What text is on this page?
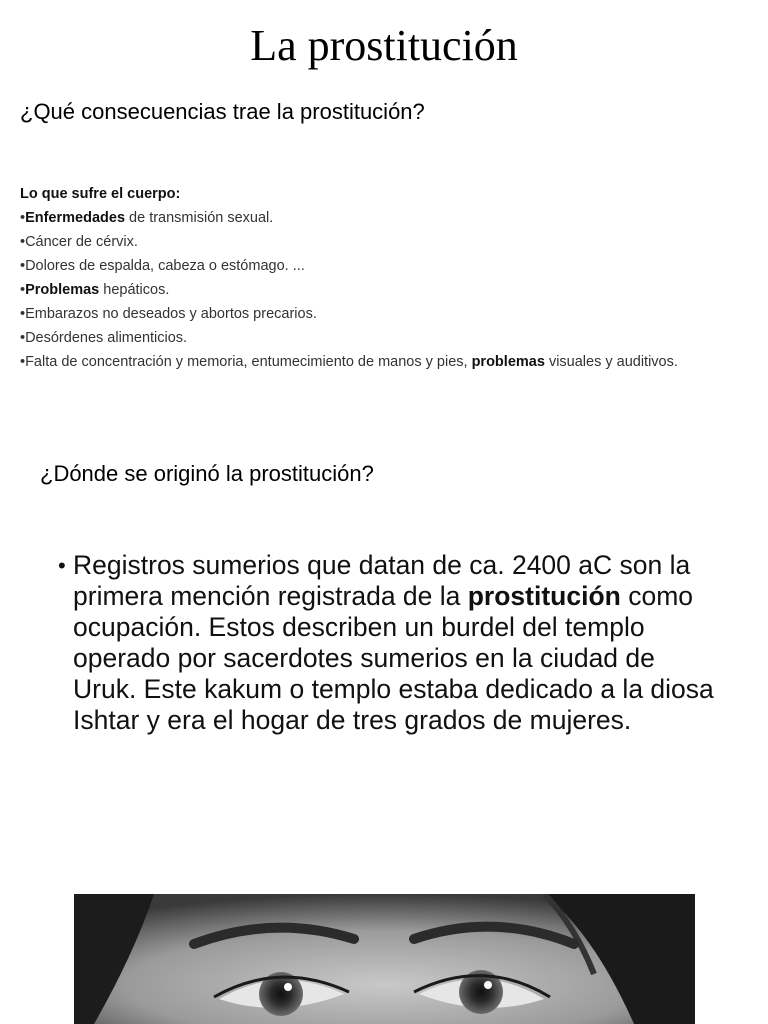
La prostitución
¿Qué consecuencias trae la prostitución?
Lo que sufre el cuerpo:
•Enfermedades de transmisión sexual.
•Cáncer de cérvix.
•Dolores de espalda, cabeza o estómago. ...
•Problemas hepáticos.
•Embarazos no deseados y abortos precarios.
•Desórdenes alimenticios.
•Falta de concentración y memoria, entumecimiento de manos y pies, problemas visuales y auditivos.
¿Dónde se originó la prostitución?
• Registros sumerios que datan de ca. 2400 aC son la primera mención registrada de la prostitución como ocupación. Estos describen un burdel del templo operado por sacerdotes sumerios en la ciudad de Uruk. Este kakum o templo estaba dedicado a la diosa Ishtar y era el hogar de tres grados de mujeres.
